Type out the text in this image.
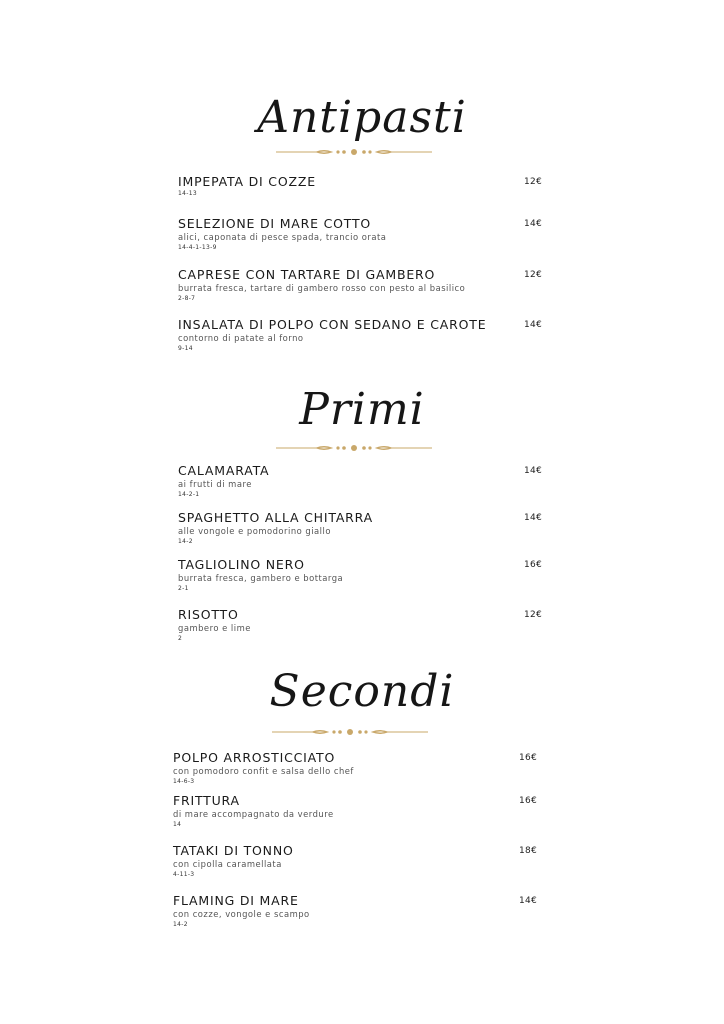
Antipasti
IMPEPATA DI COZZE
14-13
12€
SELEZIONE DI MARE COTTO
alici, caponata di pesce spada, trancio orata
14-4-1-13-9
14€
CAPRESE CON TARTARE DI GAMBERO
burrata fresca, tartare di gambero rosso con pesto al basilico
2-8-7
12€
INSALATA DI POLPO CON SEDANO E CAROTE
contorno di patate al forno
9-14
14€
Primi
CALAMARATA
ai frutti di mare
14-2-1
14€
SPAGHETTO ALLA CHITARRA
alle vongole e pomodorino giallo
14-2
14€
TAGLIOLINO NERO
burrata fresca, gambero e bottarga
2-1
16€
RISOTTO
gambero e lime
2
12€
Secondi
POLPO ARROSTICCIATO
con pomodoro confit e salsa dello chef
14-6-3
16€
FRITTURA
di mare accompagnato da verdure
14
16€
TATAKI DI TONNO
con cipolla caramellata
4-11-3
18€
FLAMING DI MARE
con cozze, vongole e scampo
14-2
14€
